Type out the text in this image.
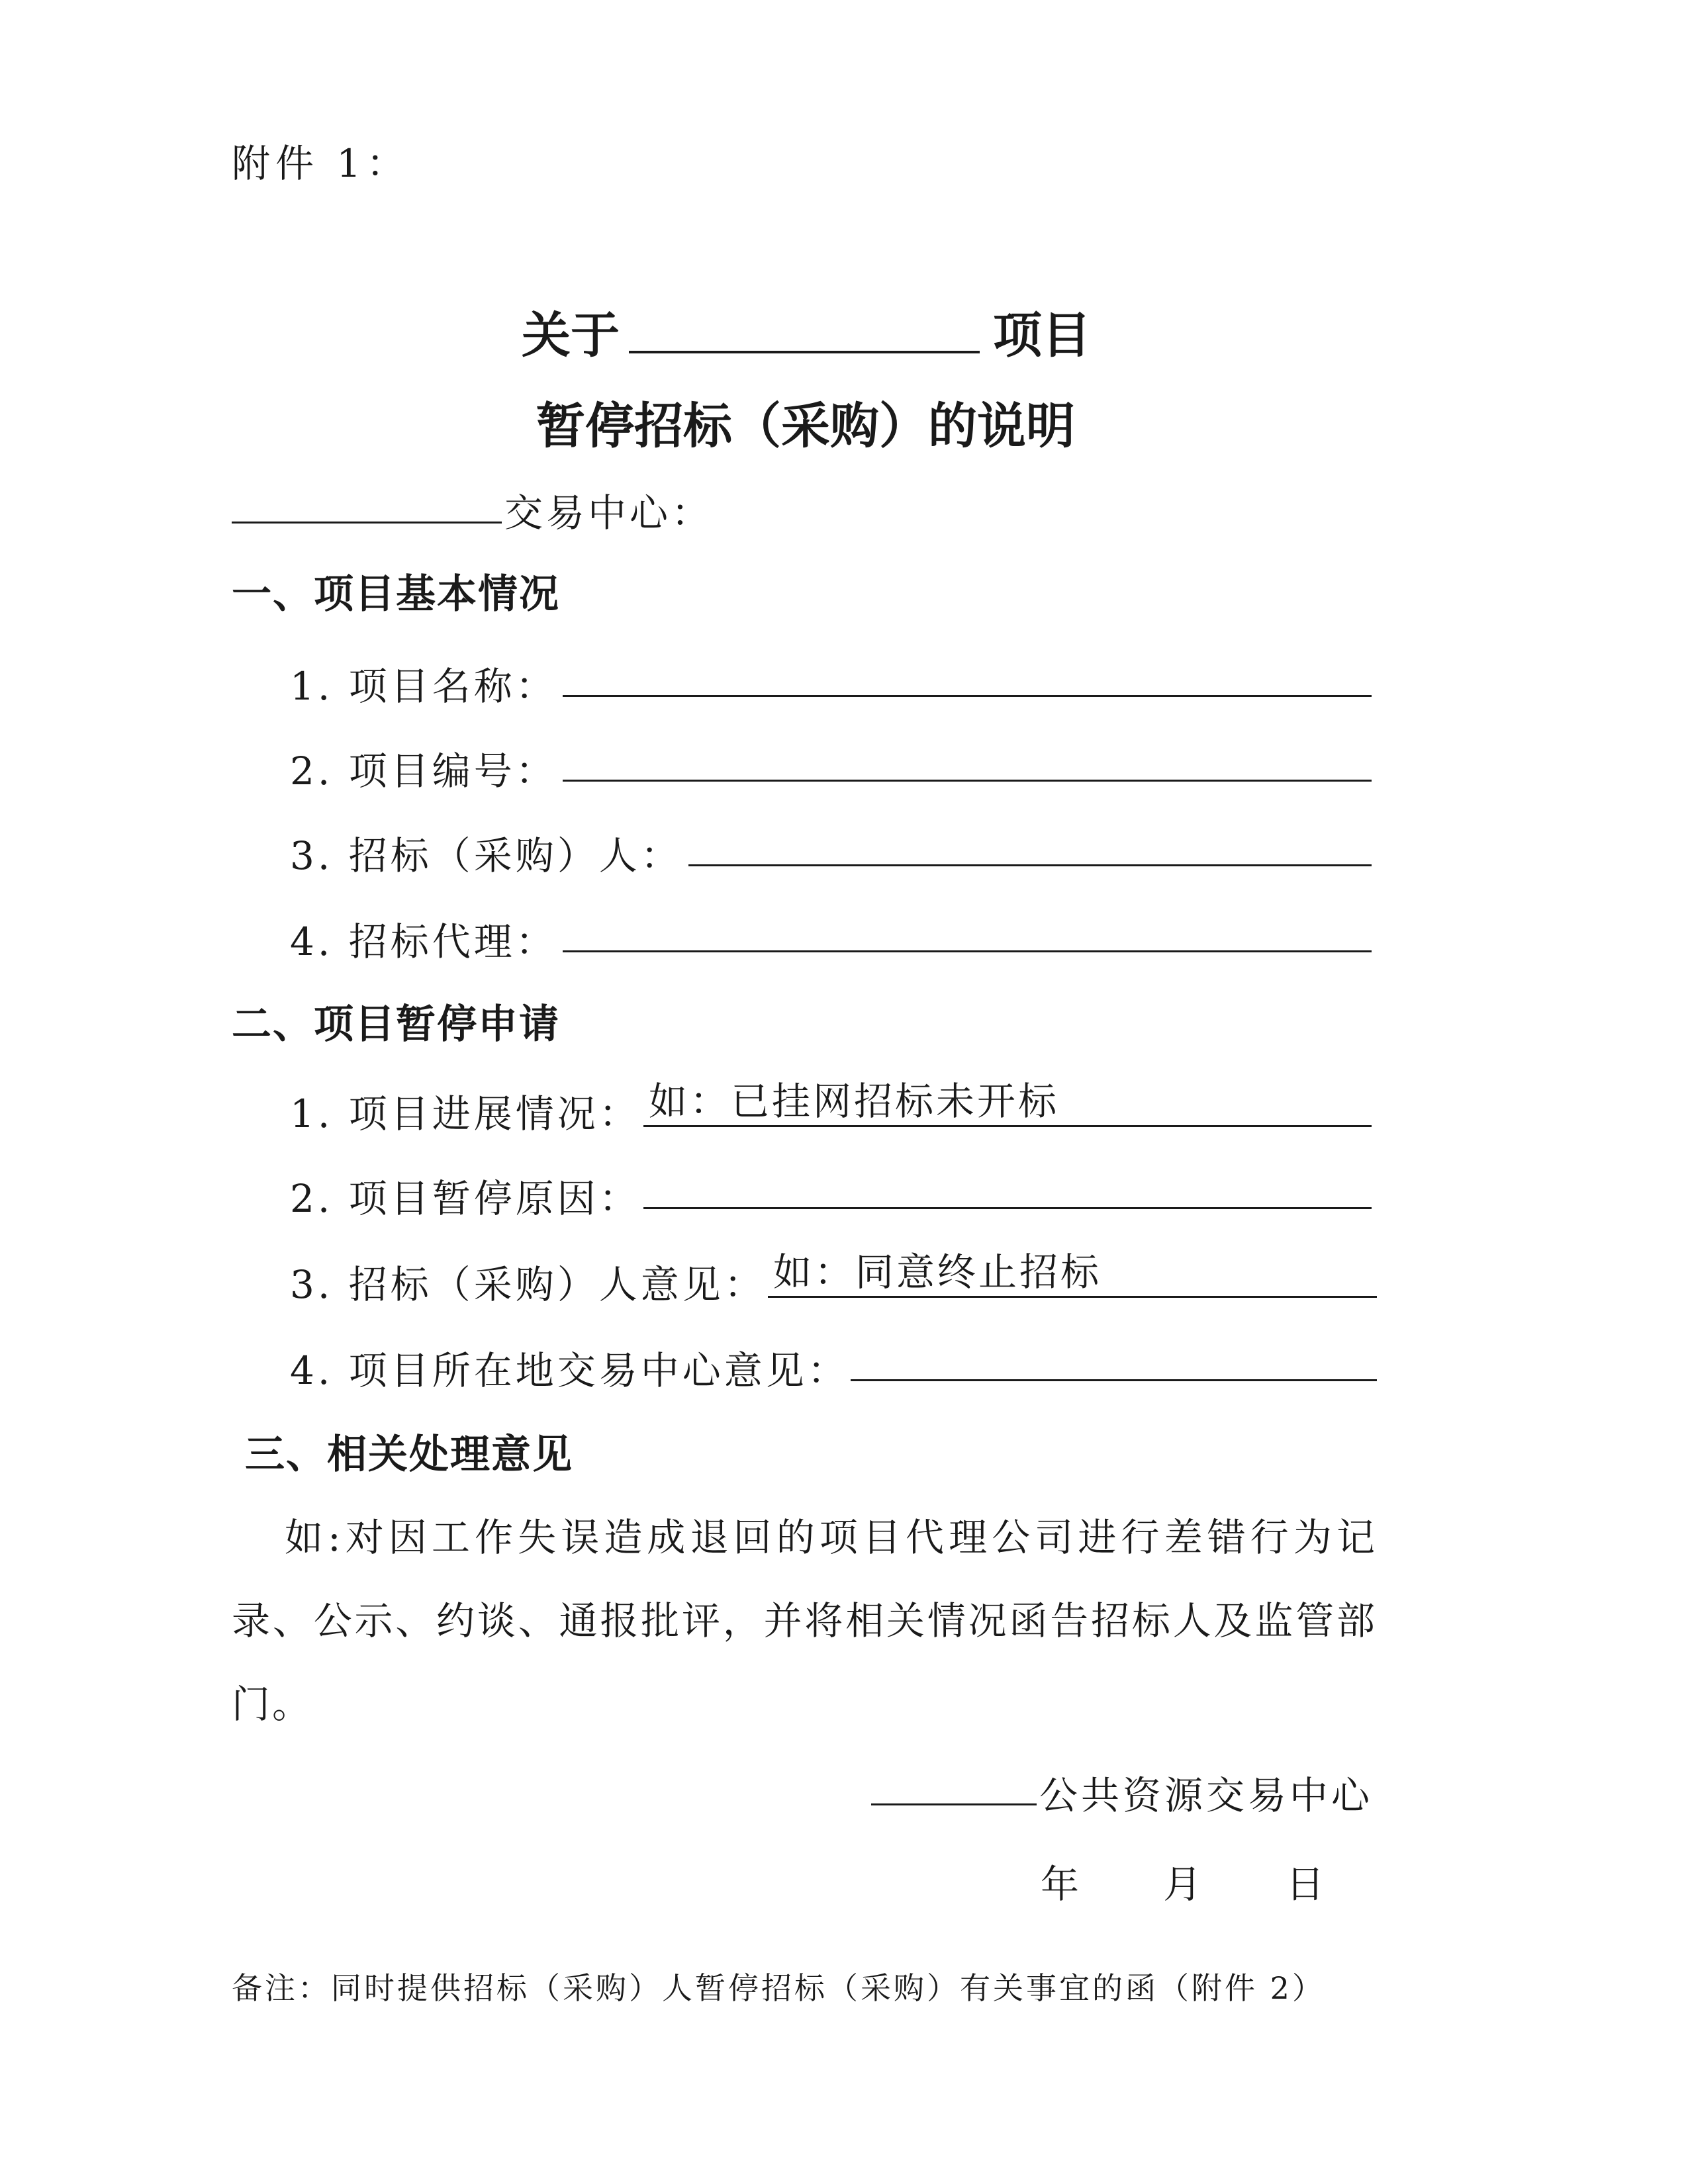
附件 1：
关于	项目
暂停招标（采购）的说明
交易中心：
一、项目基本情况
1. 项目名称：
2. 项目编号：
3. 招标（采购）人：
4. 招标代理：
二、项目暂停申请
1. 项目进展情况： 如：已挂网招标未开标
2. 项目暂停原因：
3. 招标（采购）人意见： 如：同意终止招标
4. 项目所在地交易中心意见：
三、相关处理意见
如:对因工作失误造成退回的项目代理公司进行差错行为记录、公示、约谈、通报批评，并将相关情况函告招标人及监管部门。
公共资源交易中心
年   月   日
备注：同时提供招标（采购）人暂停招标（采购）有关事宜的函（附件 2）
